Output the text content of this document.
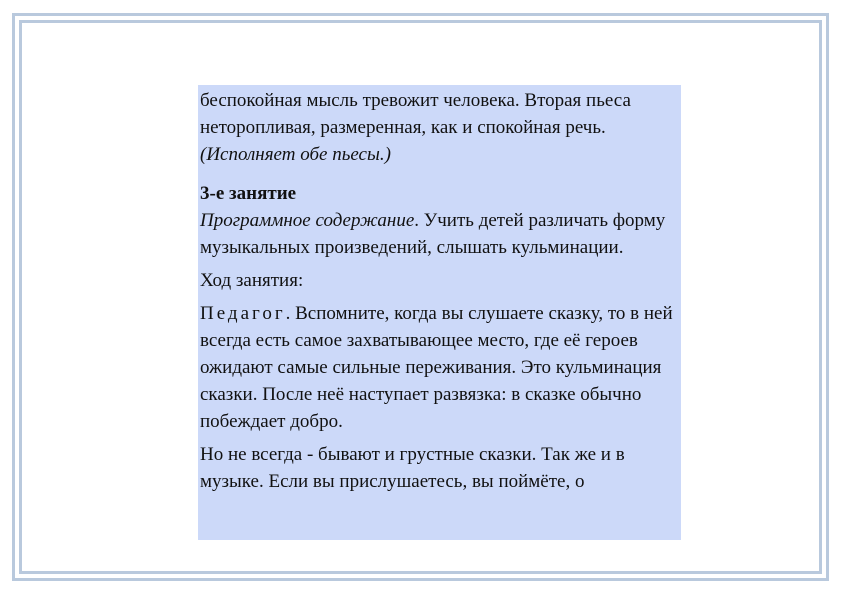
беспокойная мысль тревожит человека. Вторая пьеса неторопливая, размеренная, как и спокойная речь. (Исполняет обе пьесы.)

3-е занятие

Программное содержание. Учить детей различать форму музыкальных произведений, слышать кульминации.

Ход занятия:

Педагог. Вспомните, когда вы слушаете сказку, то в ней всегда есть самое захватывающее место, где её героев ожидают самые сильные переживания. Это кульминация сказки. После неё наступает развязка: в сказке обычно побеждает добро.

Но не всегда - бывают и грустные сказки. Так же и в музыке. Если вы прислушаетесь, вы поймёте, о
